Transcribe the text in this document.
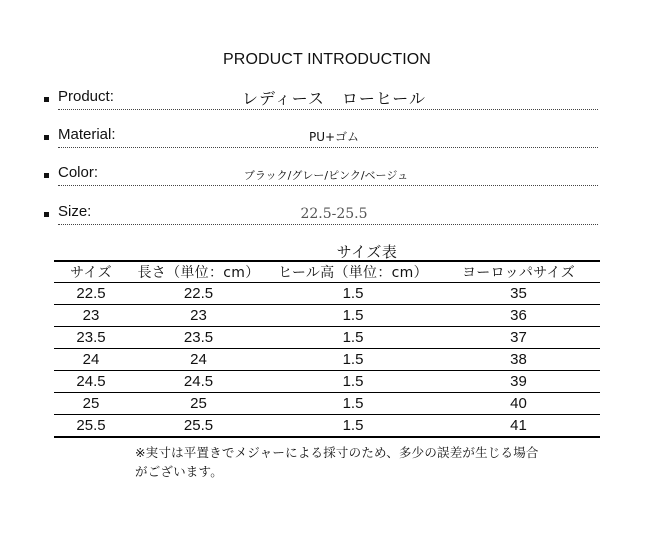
PRODUCT INTRODUCTION
Product:	レディース　ローヒール
Material:	PU+ゴム
Color:	ブラック/グレー/ピンク/ベージュ
Size:	22.5-25.5
サイズ表
サイズ	長さ（単位：cm）	ヒール高（単位：cm）	ヨーロッパサイズ
22.5	22.5	1.5	35
23	23	1.5	36
23.5	23.5	1.5	37
24	24	1.5	38
24.5	24.5	1.5	39
25	25	1.5	40
25.5	25.5	1.5	41
※実寸は平置きでメジャーによる採寸のため、多少の誤差が生じる場合
がございます。
